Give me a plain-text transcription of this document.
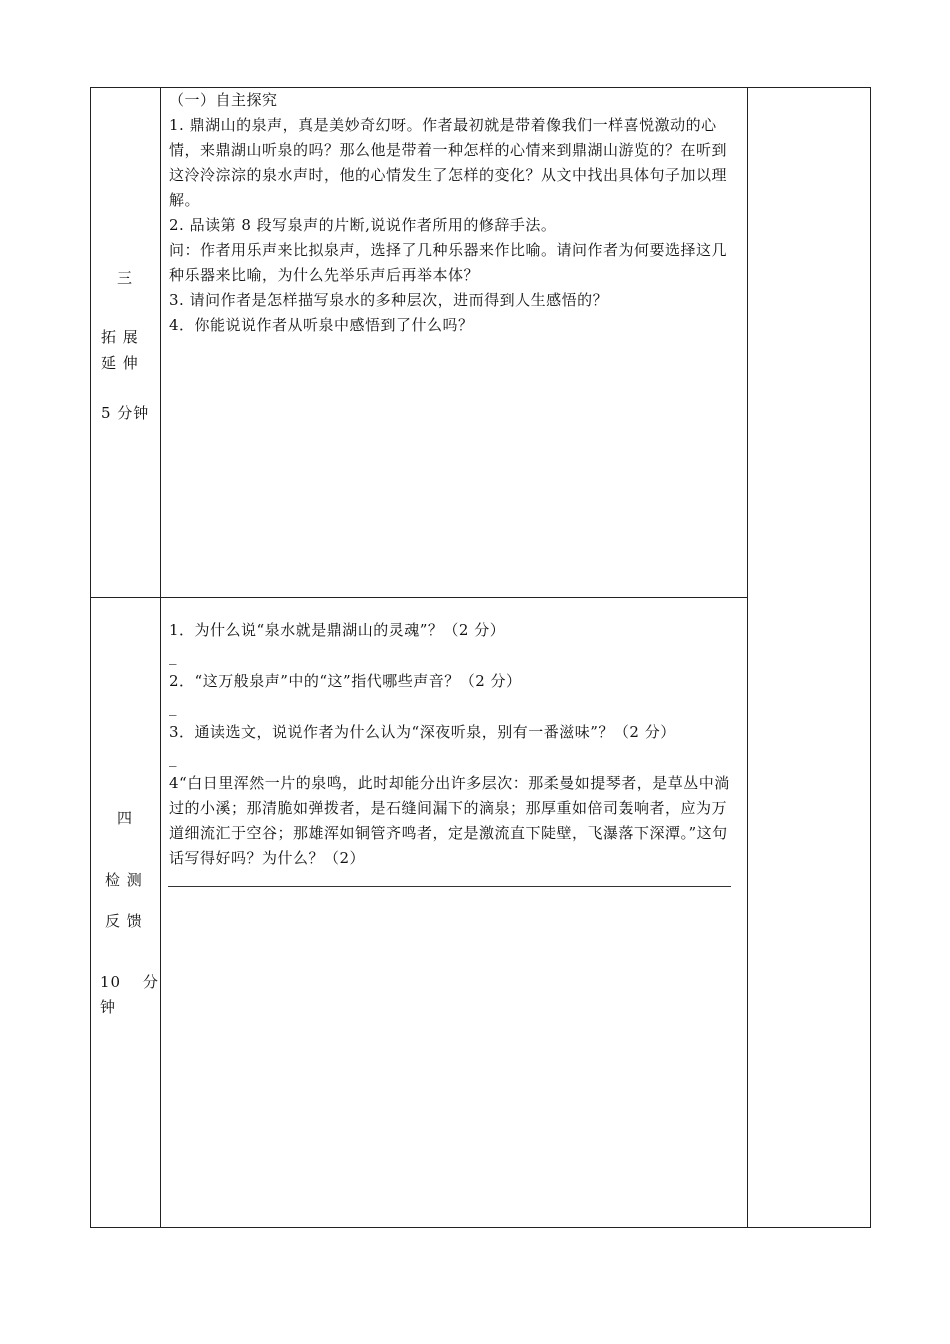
三
拓 展
延 伸
5 分钟

（一）自主探究

1. 鼎湖山的泉声，真是美妙奇幻呀。作者最初就是带着像我们一样喜悦激动的心情，来鼎湖山听泉的吗？那么他是带着一种怎样的心情来到鼎湖山游览的？在听到这泠泠淙淙的泉水声时，他的心情发生了怎样的变化？从文中找出具体句子加以理解。

2. 品读第 8 段写泉声的片断,说说作者所用的修辞手法。

问：作者用乐声来比拟泉声，选择了几种乐器来作比喻。请问作者为何要选择这几种乐器来比喻，为什么先举乐声后再举本体？

3. 请问作者是怎样描写泉水的多种层次，进而得到人生感悟的？

4．你能说说作者从听泉中感悟到了什么吗？

四
检 测
反 馈
10　 分
钟

1．为什么说“泉水就是鼎湖山的灵魂”？（2 分）

_

2．“这万般泉声”中的“这”指代哪些声音？（2 分）

_

3．通读选文，说说作者为什么认为“深夜听泉，别有一番滋味”？（2 分）

_

4“白日里浑然一片的泉鸣，此时却能分出许多层次：那柔曼如提琴者，是草丛中淌过的小溪；那清脆如弹拨者，是石缝间漏下的滴泉；那厚重如倍司轰响者，应为万道细流汇于空谷；那雄浑如铜管齐鸣者，定是激流直下陡壁，飞瀑落下深潭。”这句话写得好吗？为什么？（2）
